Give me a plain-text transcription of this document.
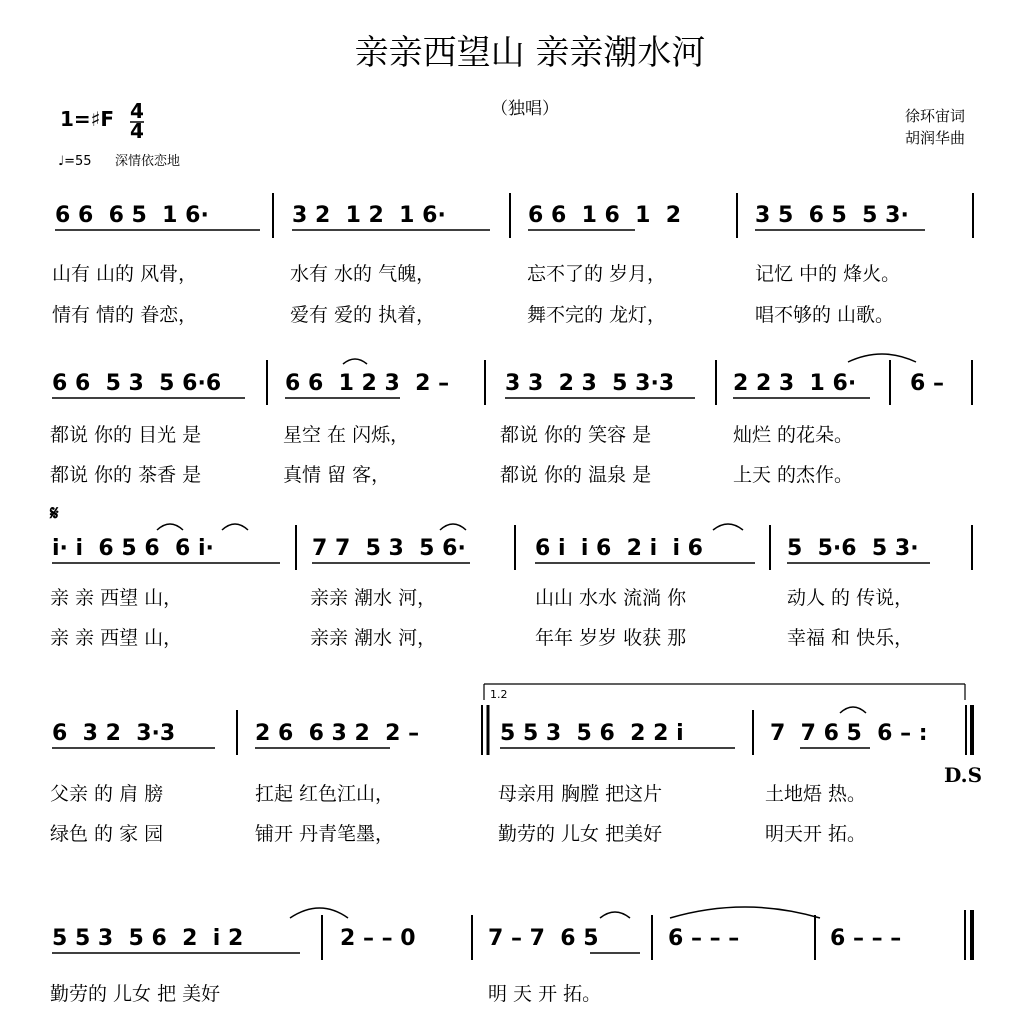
亲亲西望山 亲亲潮水河
（独唱）
1=♯F 4
4
♩=55 深情依恋地
徐环宙词
胡润华曲
6 6  6 5  1 6·	3 2  1 2  1 6·	6 6  1 6  1  2	3 5  6 5  5 3·
山有 山的 风骨，	水有 水的 气魄，	忘不了的 岁月，	记忆 中的 烽火。
情有 情的 眷恋，	爱有 爱的 执着，	舞不完的 龙灯，	唱不够的 山歌。
6 6  5 3  5 6·6	6 6  1 2 3  2 –	3 3  2 3  5 3·3	2 2 3  1 6· 6 –
都说 你的 目光 是	星空 在 闪烁，	都说 你的 笑容 是	灿烂 的花朵。
都说 你的 茶香 是	真情 留 客，	都说 你的 温泉 是	上天 的杰作。
𝄋
i· i  6 5 6  6 i·	7 7  5 3  5 6·	6 i  i 6  2 i  i 6	5  5·6  5 3·
亲 亲 西望 山，	亲亲 潮水 河，	山山 水水 流淌 你	动人 的 传说，
亲 亲 西望 山，	亲亲 潮水 河，	年年 岁岁 收获 那	幸福 和 快乐，
1.2
6  3 2  3·3	2 6  6 3 2  2 –	5 5 3  5 6  2 2 i	7  7 6 5  6 – :
D.S
父亲 的 肩 膀	扛起 红色江山，	母亲用 胸膛 把这片	土地焐 热。
绿色 的 家 园	铺开 丹青笔墨，	勤劳的 儿女 把美好	明天开 拓。
5 5 3  5 6  2  i 2	2 – – 0	7 – 7  6 5	6 – – –	6 – – –
勤劳的 儿女 把 美好	明 天 开 拓。
